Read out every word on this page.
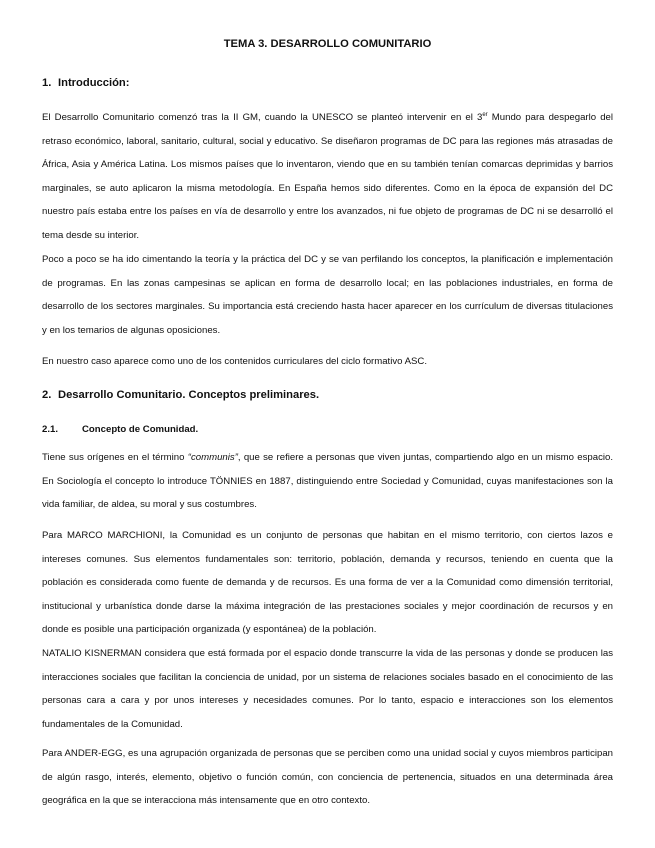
TEMA 3. DESARROLLO COMUNITARIO
1. Introducción:

El Desarrollo Comunitario comenzó tras la II GM, cuando la UNESCO se planteó intervenir en el 3er Mundo para despegarlo del retraso económico, laboral, sanitario, cultural, social y educativo. Se diseñaron programas de DC para las regiones más atrasadas de África, Asia y América Latina. Los mismos países que lo inventaron, viendo que en su también tenían comarcas deprimidas y barrios marginales, se auto aplicaron la misma metodología. En España hemos sido diferentes. Como en la época de expansión del DC nuestro país estaba entre los países en vía de desarrollo y entre los avanzados, ni fue objeto de programas de DC ni se desarrolló el tema desde su interior.

Poco a poco se ha ido cimentando la teoría y la práctica del DC y se van perfilando los conceptos, la planificación e implementación de programas. En las zonas campesinas se aplican en forma de desarrollo local; en las poblaciones industriales, en forma de desarrollo de los sectores marginales. Su importancia está creciendo hasta hacer aparecer en los currículum de diversas titulaciones y en los temarios de algunas oposiciones.

En nuestro caso aparece como uno de los contenidos curriculares del ciclo formativo ASC.

2. Desarrollo Comunitario. Conceptos preliminares.
2.1. Concepto de Comunidad.

Tiene sus orígenes en el término “communis”, que se refiere a personas que viven juntas, compartiendo algo en un mismo espacio. En Sociología el concepto lo introduce TÖNNIES en 1887, distinguiendo entre Sociedad y Comunidad, cuyas manifestaciones son la vida familiar, de aldea, su moral y sus costumbres.

Para MARCO MARCHIONI, la Comunidad es un conjunto de personas que habitan en el mismo territorio, con ciertos lazos e intereses comunes. Sus elementos fundamentales son: territorio, población, demanda y recursos, teniendo en cuenta que la población es considerada como fuente de demanda y de recursos. Es una forma de ver a la Comunidad como dimensión territorial, institucional y urbanística donde darse la máxima integración de las prestaciones sociales y mejor coordinación de recursos y en donde es posible una participación organizada (y espontánea) de la población.

NATALIO KISNERMAN considera que está formada por el espacio donde transcurre la vida de las personas y donde se producen las interacciones sociales que facilitan la conciencia de unidad, por un sistema de relaciones sociales basado en el conocimiento de las personas cara a cara y por unos intereses y necesidades comunes. Por lo tanto, espacio e interacciones son los elementos fundamentales de la Comunidad.

Para ANDER-EGG, es una agrupación organizada de personas que se perciben como una unidad social y cuyos miembros participan de algún rasgo, interés, elemento, objetivo o función común, con conciencia de pertenencia, situados en una determinada área geográfica en la que se interacciona más intensamente que en otro contexto.
